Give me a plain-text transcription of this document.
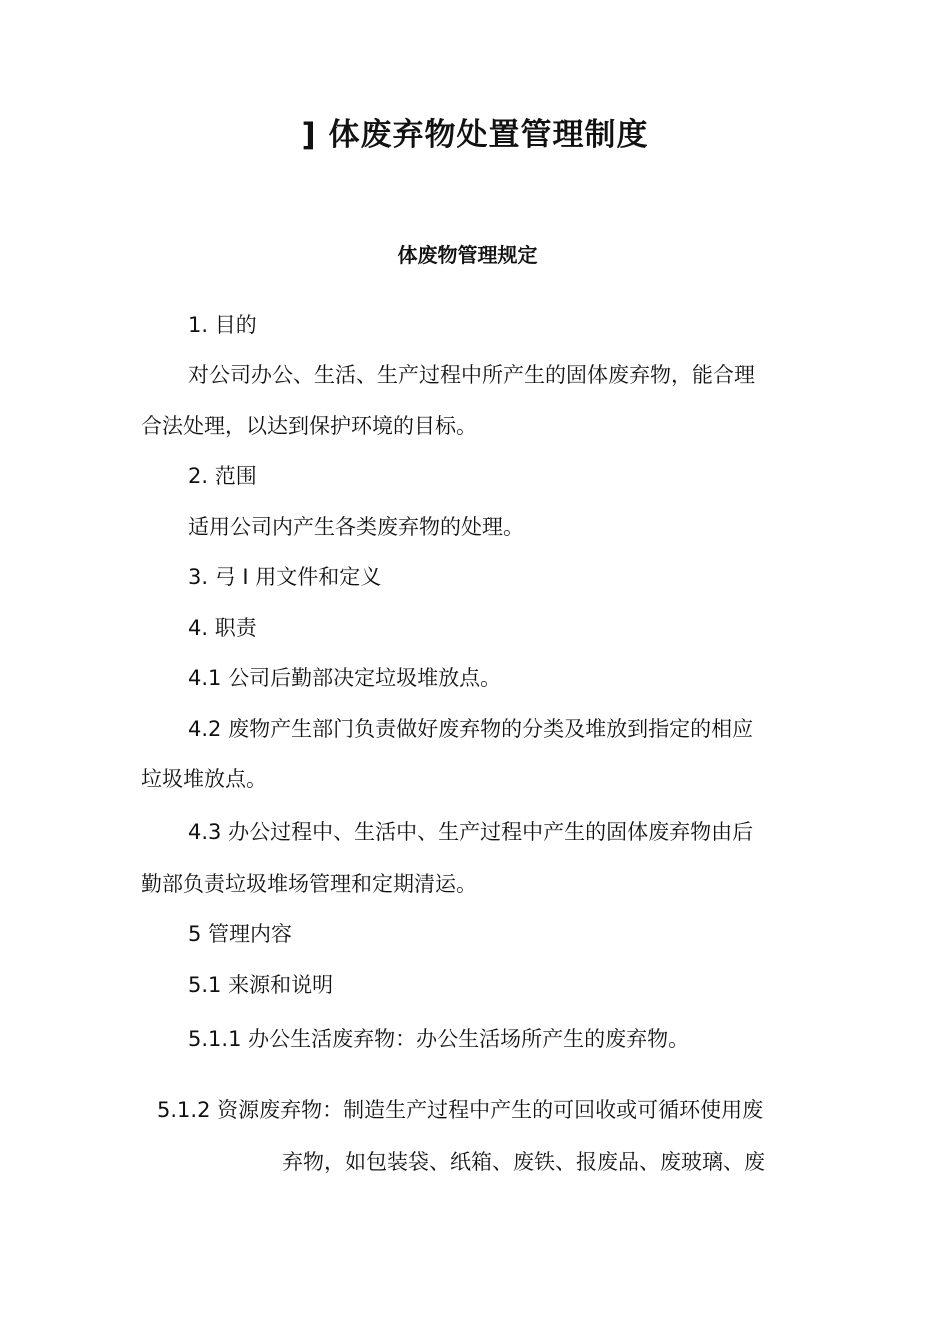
] 体废弃物处置管理制度
体废物管理规定
1. 目的
对公司办公、生活、生产过程中所产生的固体废弃物，能合理
合法处理，以达到保护环境的目标。
2. 范围
适用公司内产生各类废弃物的处理。
3. 弓 I 用文件和定义
4. 职责
4.1 公司后勤部决定垃圾堆放点。
4.2 废物产生部门负责做好废弃物的分类及堆放到指定的相应
垃圾堆放点。
4.3 办公过程中、生活中、生产过程中产生的固体废弃物由后
勤部负责垃圾堆场管理和定期清运。
5 管理内容
5.1 来源和说明
5.1.1 办公生活废弃物：办公生活场所产生的废弃物。
5.1.2 资源废弃物：制造生产过程中产生的可回收或可循环使用废
弃物，如包装袋、纸箱、废铁、报废品、废玻璃、废
